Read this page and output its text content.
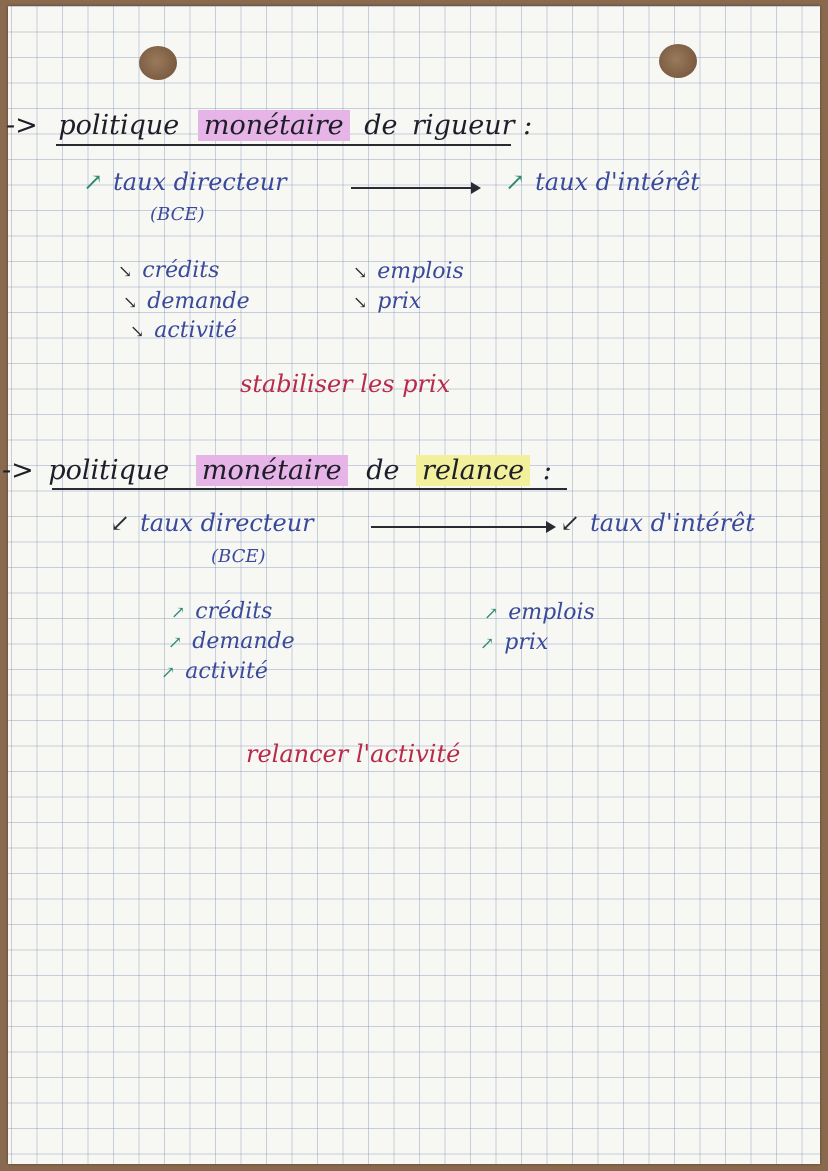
-> politique monétaire de rigueur :
↗ taux directeur
(BCE)
↗ taux d'intérêt
↘ crédits
↘ demande
↘ activité
↘ emplois
↘ prix
stabiliser les prix
-> politique monétaire de relance :
↙ taux directeur
(BCE)
↙ taux d'intérêt
↗ crédits
↗ demande
↗ activité
↗ emplois
↗ prix
relancer l'activité
